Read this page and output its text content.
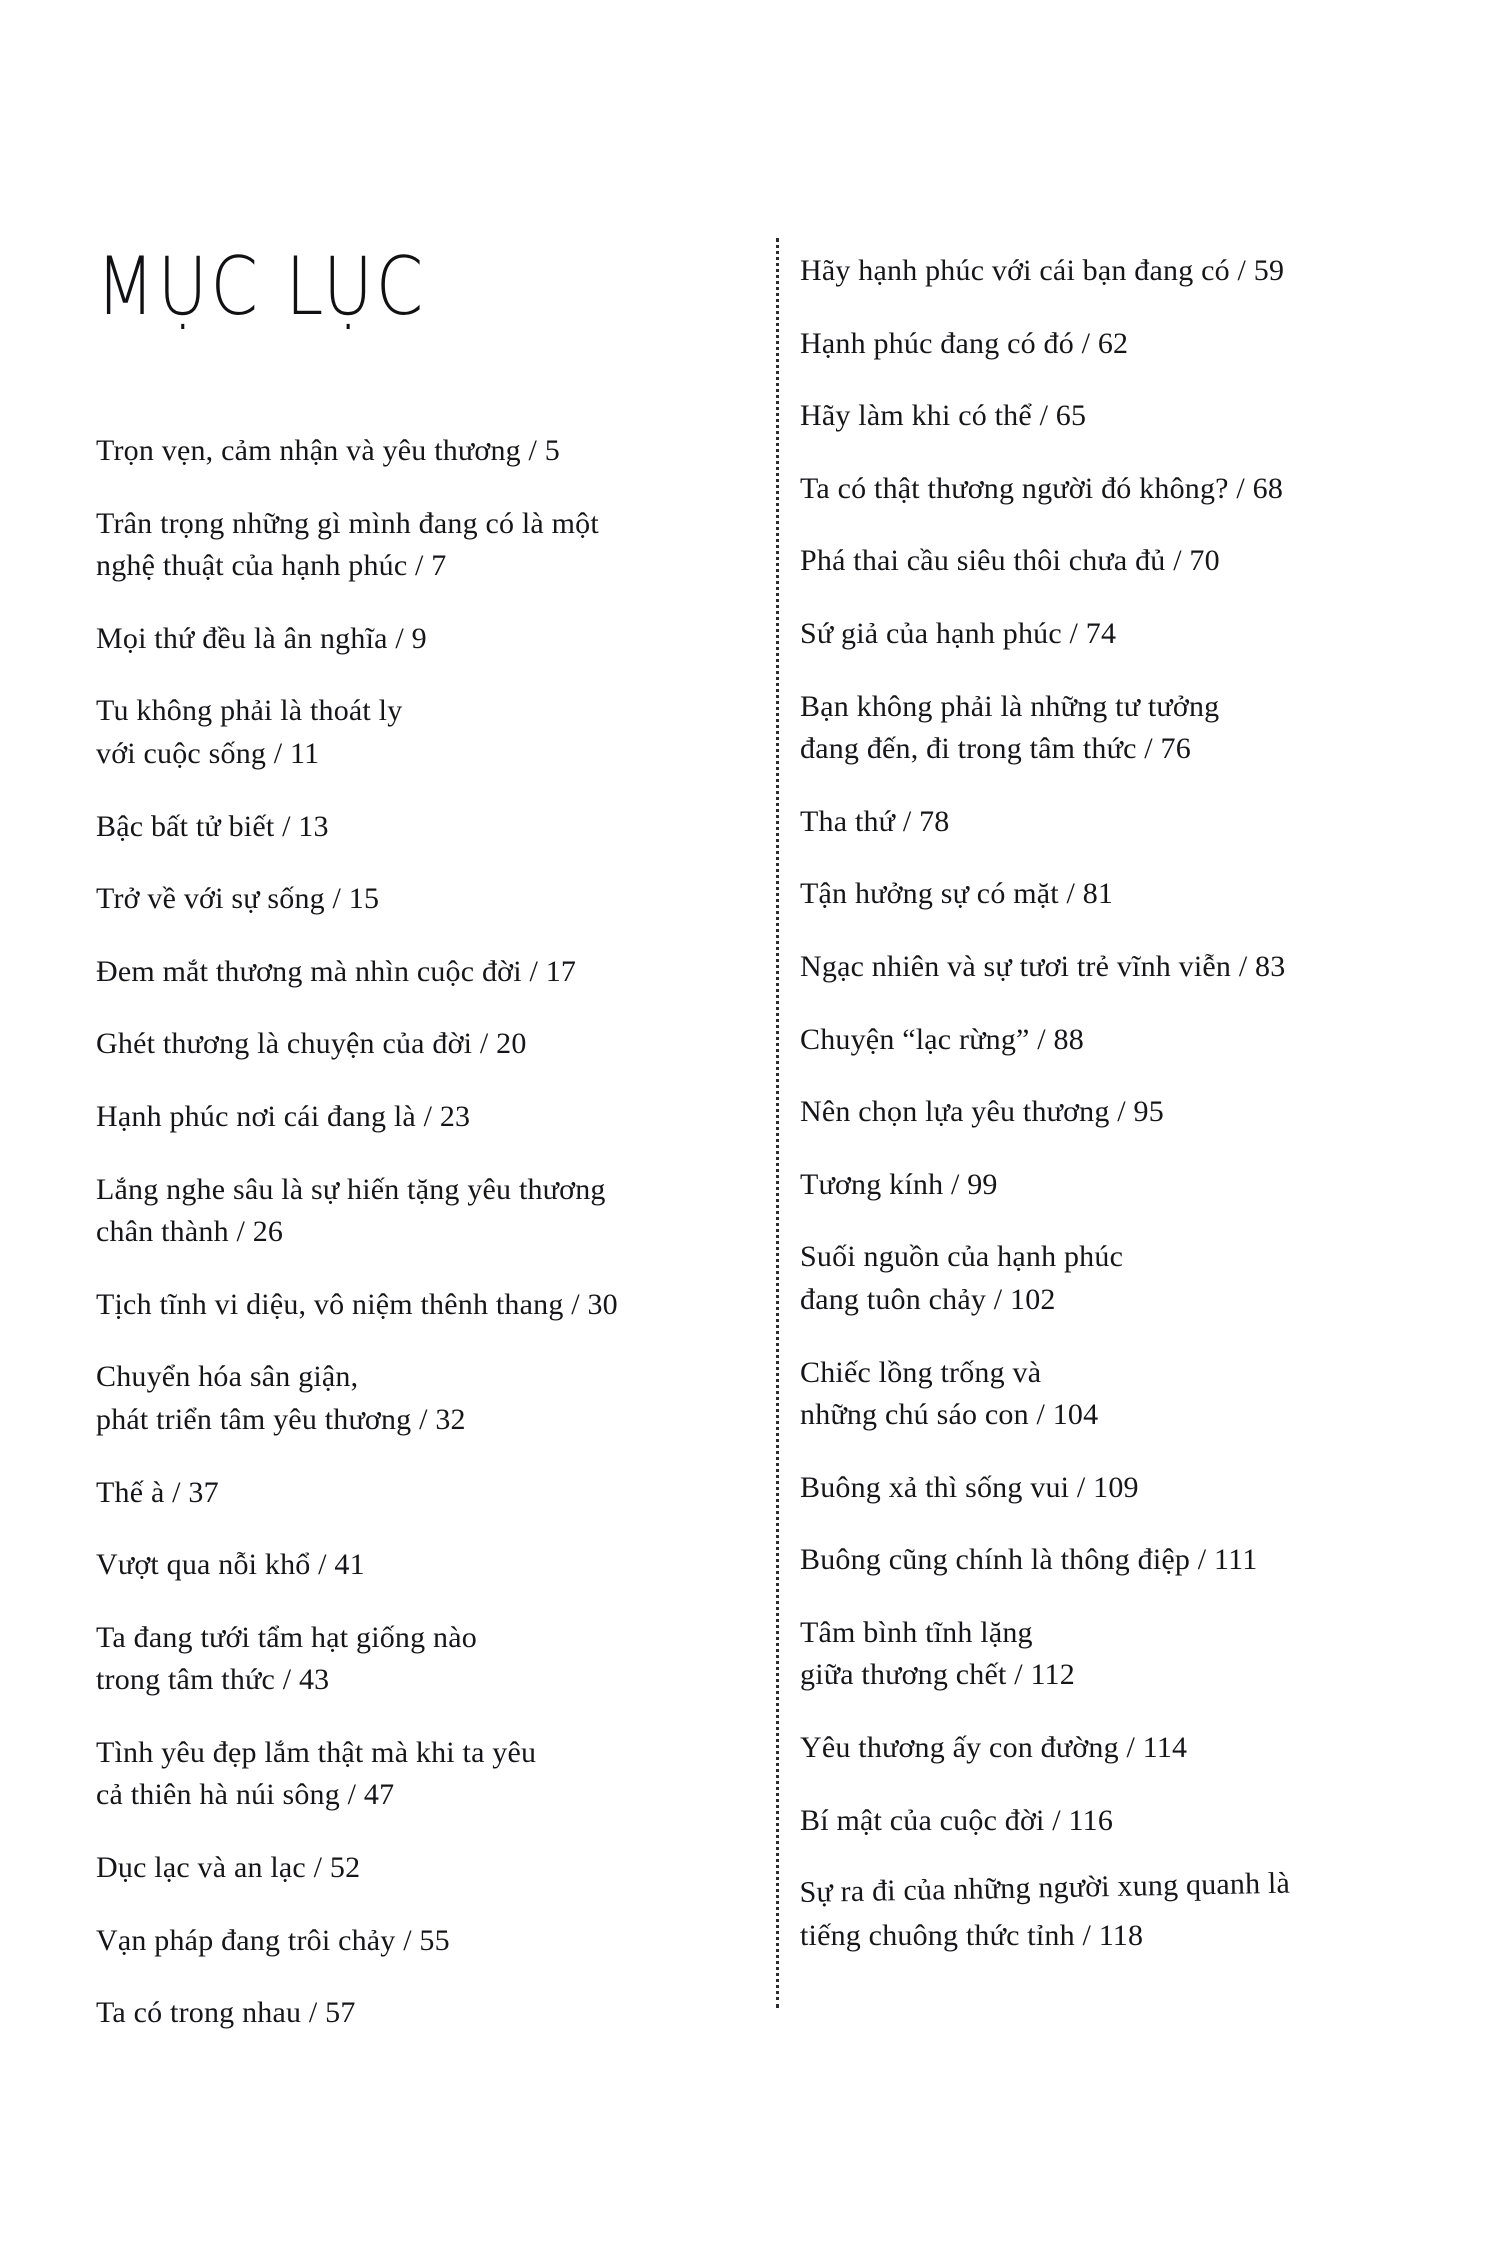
MỤC LỤC

Trọn vẹn, cảm nhận và yêu thương / 5

Trân trọng những gì mình đang có là một
nghệ thuật của hạnh phúc / 7

Mọi thứ đều là ân nghĩa / 9

Tu không phải là thoát ly
với cuộc sống / 11

Bậc bất tử biết / 13

Trở về với sự sống / 15

Đem mắt thương mà nhìn cuộc đời / 17

Ghét thương là chuyện của đời / 20

Hạnh phúc nơi cái đang là / 23

Lắng nghe sâu là sự hiến tặng yêu thương
chân thành / 26

Tịch tĩnh vi diệu, vô niệm thênh thang / 30

Chuyển hóa sân giận,
phát triển tâm yêu thương / 32

Thế à / 37

Vượt qua nỗi khổ / 41

Ta đang tưới tẩm hạt giống nào
trong tâm thức / 43

Tình yêu đẹp lắm thật mà khi ta yêu
cả thiên hà núi sông / 47

Dục lạc và an lạc / 52

Vạn pháp đang trôi chảy / 55

Ta có trong nhau / 57

Hãy hạnh phúc với cái bạn đang có / 59

Hạnh phúc đang có đó / 62

Hãy làm khi có thể / 65

Ta có thật thương người đó không? / 68

Phá thai cầu siêu thôi chưa đủ / 70

Sứ giả của hạnh phúc / 74

Bạn không phải là những tư tưởng
đang đến, đi trong tâm thức / 76

Tha thứ / 78

Tận hưởng sự có mặt / 81

Ngạc nhiên và sự tươi trẻ vĩnh viễn / 83

Chuyện “lạc rừng” / 88

Nên chọn lựa yêu thương / 95

Tương kính / 99

Suối nguồn của hạnh phúc
đang tuôn chảy / 102

Chiếc lồng trống và
những chú sáo con / 104

Buông xả thì sống vui / 109

Buông cũng chính là thông điệp / 111

Tâm bình tĩnh lặng
giữa thương chết / 112

Yêu thương ấy con đường / 114

Bí mật của cuộc đời / 116

Sự ra đi của những người xung quanh là
tiếng chuông thức tỉnh / 118
